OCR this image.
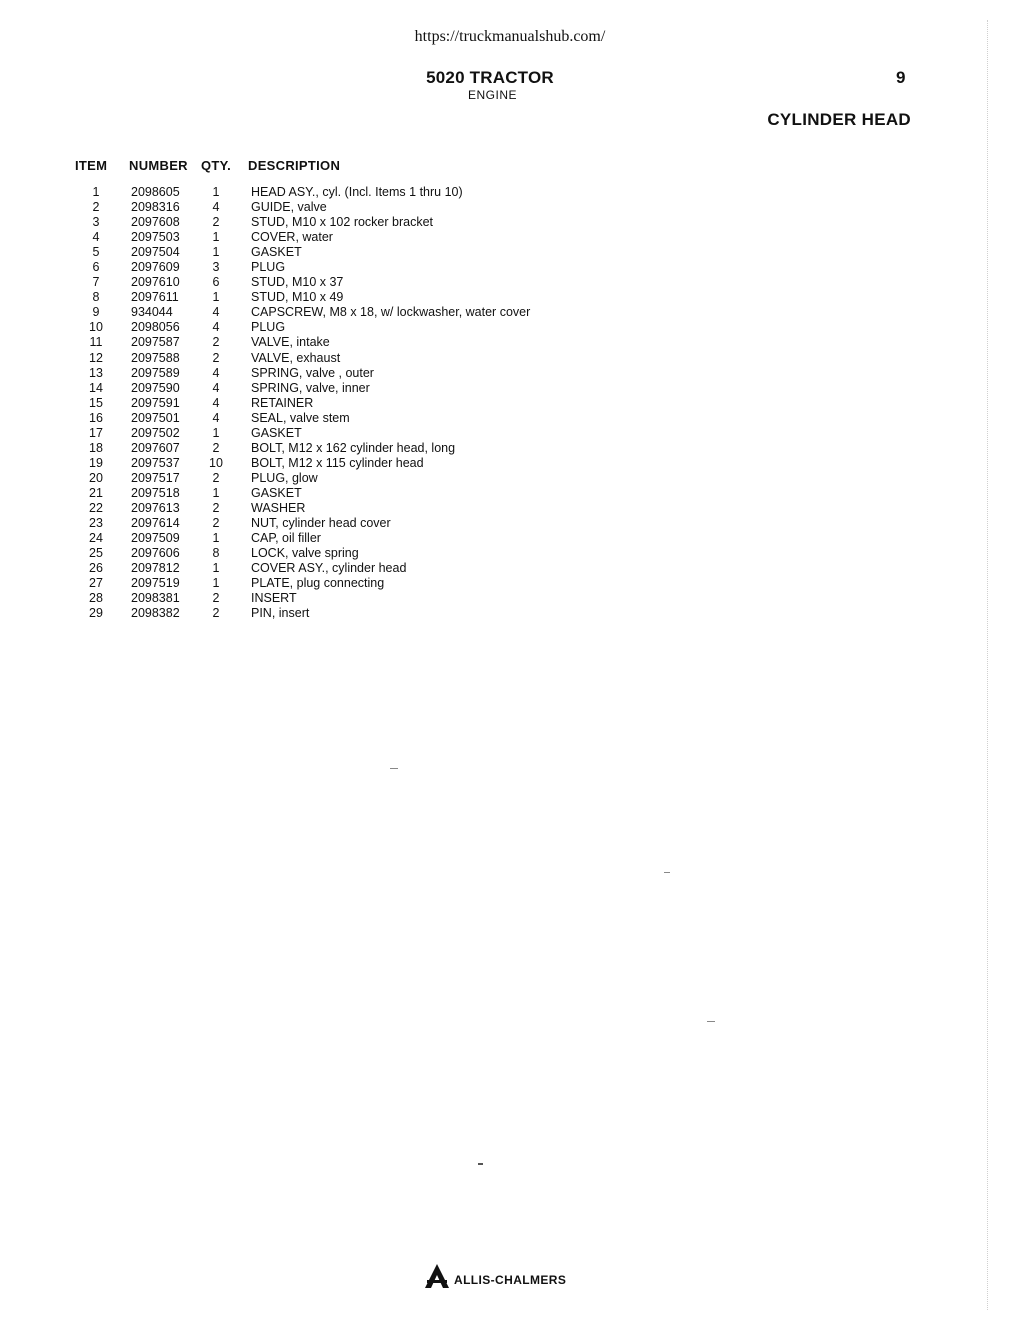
https://truckmanualshub.com/
5020 TRACTOR
ENGINE
9
CYLINDER HEAD
ITEM NUMBER QTY. DESCRIPTION
1	2098605	1	HEAD ASY., cyl. (Incl. Items 1 thru 10)
2	2098316	4	GUIDE, valve
3	2097608	2	STUD, M10 x 102 rocker bracket
4	2097503	1	COVER, water
5	2097504	1	GASKET
6	2097609	3	PLUG
7	2097610	6	STUD, M10 x 37
8	2097611	1	STUD, M10 x 49
9	934044	4	CAPSCREW, M8 x 18, w/ lockwasher, water cover
10	2098056	4	PLUG
11	2097587	2	VALVE, intake
12	2097588	2	VALVE, exhaust
13	2097589	4	SPRING, valve , outer
14	2097590	4	SPRING, valve, inner
15	2097591	4	RETAINER
16	2097501	4	SEAL, valve stem
17	2097502	1	GASKET
18	2097607	2	BOLT, M12 x 162 cylinder head, long
19	2097537 10 BOLT, M12 x 115 cylinder head
20	2097517	2	PLUG, glow
21	2097518	1	GASKET
22	2097613	2	WASHER
23	2097614	2	NUT, cylinder head cover
24	2097509	1	CAP, oil filler
25	2097606	8	LOCK, valve spring
26	2097812	1	COVER ASY., cylinder head
27	2097519	1	PLATE, plug connecting
28	2098381	2	INSERT
29	2098382	2	PIN, insert
ALLIS-CHALMERS
